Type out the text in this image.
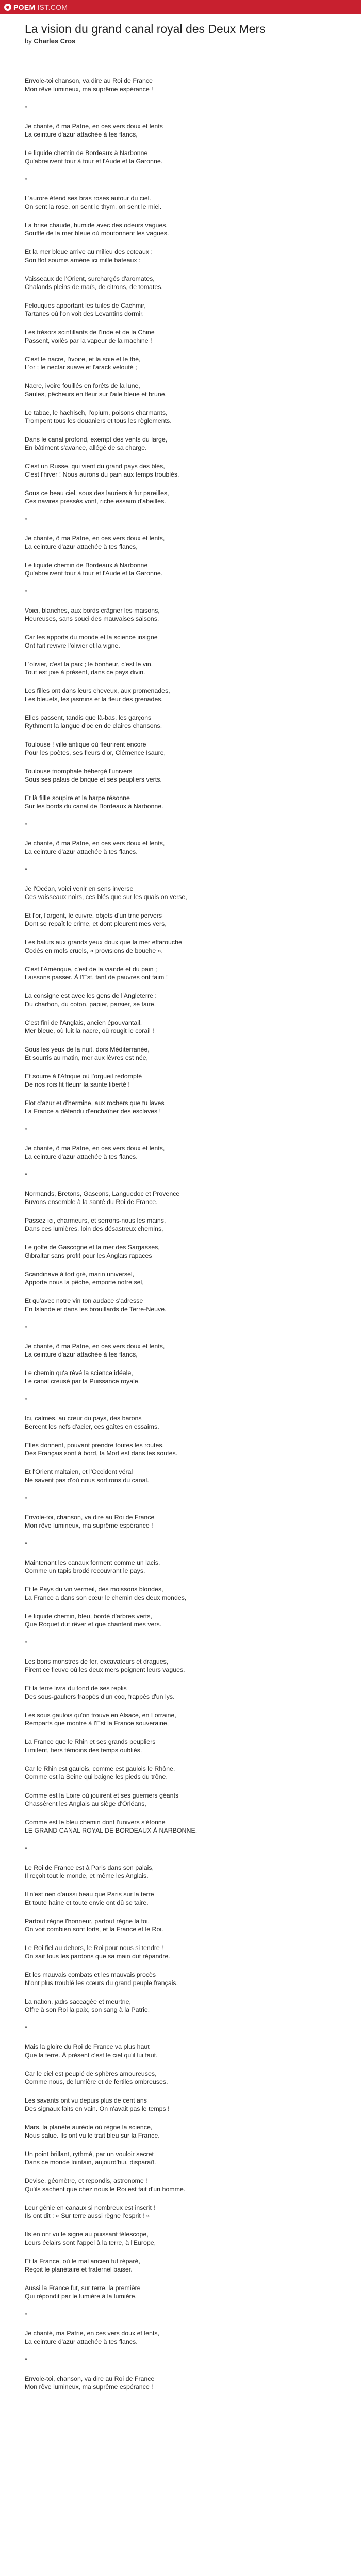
POEM IST.COM
La vision du grand canal royal des Deux Mers
by Charles Cros
Envole-toi chanson, va dire au Roi de France
Mon rêve lumineux, ma suprême espérance !
*
Je chante, ô ma Patrie, en ces vers doux et lents
La ceinture d'azur attachée à tes flancs,
Le liquide chemin de Bordeaux à Narbonne
Qu'abreuvent tour à tour et l'Aude et la Garonne.
*
L'aurore étend ses bras roses autour du ciel.
On sent la rose, on sent le thym, on sent le miel.
La brise chaude, humide avec des odeurs vagues,
Souffle de la mer bleue où moutonnent les vagues.
Et la mer bleue arrive au milieu des coteaux ;
Son flot soumis amène ici mille bateaux :
Vaisseaux de l'Orient, surchargés d'aromates,
Chalands pleins de maïs, de citrons, de tomates,
Felouques apportant les tuiles de Cachmir,
Tartanes où l'on voit des Levantins dormir.
Les trésors scintillants de l'Inde et de la Chine
Passent, voilés par la vapeur de la machine !
C'est le nacre, l'ivoire, et la soie et le thé,
L'or ; le nectar suave et l'arack velouté ;
Nacre, ivoire fouillés en forêts de la lune,
Saules, pêcheurs en fleur sur l'aile bleue et brune.
Le tabac, le hachisch, l'opium, poisons charmants,
Trompent tous les douaniers et tous les règlements.
Dans le canal profond, exempt des vents du large,
En bâtiment s'avance, allégé de sa charge.
C'est un Russe, qui vient du grand pays des blés,
C'est l'hiver ! Nous aurons du pain aux temps troublés.
Sous ce beau ciel, sous des lauriers à fur pareilles,
Ces navires pressés vont, riche essaim d'abeilles.
*
Je chante, ô ma Patrie, en ces vers doux et lents,
La ceinture d'azur attachée à tes flancs,
Le liquide chemin de Bordeaux à Narbonne
Qu'abreuvent tour à tour et l'Aude et la Garonne.
*
Voici, blanches, aux bords crâgner les maisons,
Heureuses, sans souci des mauvaises saisons.
Car les apports du monde et la science insigne
Ont fait revivre l'olivier et la vigne.
L'olivier, c'est la paix ; le bonheur, c'est le vin.
Tout est joie à présent, dans ce pays divin.
Les filles ont dans leurs cheveux, aux promenades,
Les bleuets, les jasmins et la fleur des grenades.
Elles passent, tandis que là-bas, les garçons
Rythment la langue d'oc en de claires chansons.
Toulouse ! ville antique où fleurirent encore
Pour les poètes, ses fleurs d'or, Clémence Isaure,
Toulouse triomphale hébergé l'univers
Sous ses palais de brique et ses peupliers verts.
Et là fillle soupire et la harpe résonne
Sur les bords du canal de Bordeaux à Narbonne.
*
Je chante, ô ma Patrie, en ces vers doux et lents,
La ceinture d'azur attachée à tes flancs.
*
Je l'Océan, voici venir en sens inverse
Ces vaisseaux noirs, ces blés que sur les quais on verse,
Et l'or, l'argent, le cuivre, objets d'un trnc pervers
Dont se repaît le crime, et dont pleurent mes vers,
Les baluts aux grands yeux doux que la mer effarouche
Codés en mots cruels, « provisions de bouche ».
C'est l'Amérique, c'est de la viande et du pain ;
Laissons passer. À l'Est, tant de pauvres ont faim !
La consigne est avec les gens de l'Angleterre :
Du charbon, du coton, papier, parsier, se taire.
C'est fini de l'Anglais, ancien épouvantail.
Mer bleue, où luit la nacre, où rougit le corail !
Sous les yeux de la nuit, dors Méditerranée,
Et sourris au matin, mer aux lèvres est née,
Et sourre à l'Afrique où l'orgueil redompté
De nos rois fit fleurir la sainte liberté !
Flot d'azur et d'hermine, aux rochers que tu laves
La France a défendu d'enchaîner des esclaves !
*
Je chante, ô ma Patrie, en ces vers doux et lents,
La ceinture d'azur attachée à tes flancs.
*
Normands, Bretons, Gascons, Languedoc et Provence
Buvons ensemble à la santé du Roi de France.
Passez ici, charmeurs, et serrons-nous les mains,
Dans ces lumières, loin des désastreux chemins,
Le golfe de Gascogne et la mer des Sargasses,
Gibraltar sans profit pour les Anglais rapaces
Scandinave à tort gré, marin universel,
Apporte nous la pêche, emporte notre sel,
Et qu'avec notre vin ton audace s'adresse
En Islande et dans les brouillards de Terre-Neuve.
*
Je chante, ô ma Patrie, en ces vers doux et lents,
La ceinture d'azur attachée à tes flancs,
Le chemin qu'a rêvé la science idéale,
Le canal creusé par la Puissance royale.
*
Ici, calmes, au cœur du pays, des barons
Bercent les nefs d'acier, ces gaîtes en essaims.
Elles donnent, pouvant prendre toutes les routes,
Des Français sont à bord, la Mort est dans les soutes.
Et l'Orient maltaien, et l'Occident véral
Ne savent pas d'où nous sortirons du canal.
*
Envole-toi, chanson, va dire au Roi de France
Mon rêve lumineux, ma suprême espérance !
*
Maintenant les canaux forment comme un lacis,
Comme un tapis brodé recouvrant le pays.
Et le Pays du vin vermeil, des moissons blondes,
La France a dans son cœur le chemin des deux mondes,
Le liquide chemin, bleu, bordé d'arbres verts,
Que Roquet dut rêver et que chantent mes vers.
*
Les bons monstres de fer, excavateurs et dragues,
Firent ce fleuve où les deux mers poignent leurs vagues.
Et la terre livra du fond de ses replis
Des sous-gauliers frappés d'un coq, frappés d'un lys.
Les sous gaulois qu'on trouve en Alsace, en Lorraine,
Remparts que montre à l'Est la France souveraine,
La France que le Rhin et ses grands peupliers
Limitent, fiers témoins des temps oubliés.
Car le Rhin est gaulois, comme est gaulois le Rhône,
Comme est la Seine qui baigne les pieds du trône,
Comme est la Loire où jouirent et ses guerriers géants
Chassèrent les Anglais au siège d'Orléans,
Comme est le bleu chemin dont l'univers s'étonne
LE GRAND CANAL ROYAL DE BORDEAUX À NARBONNE.
*
Le Roi de France est à Paris dans son palais,
Il reçoit tout le monde, et même les Anglais.
Il n'est rien d'aussi beau que Paris sur la terre
Et toute haine et toute envie ont dû se taire.
Partout règne l'honneur, partout règne la foi,
On voit combien sont forts, et la France et le Roi.
Le Roi fiel au dehors, le Roi pour nous si tendre !
On sait tous les pardons que sa main dut répandre.
Et les mauvais combats et les mauvais procès
N'ont plus troublé les cœurs du grand peuple français.
La nation, jadis saccagée et meurtrie,
Offre à son Roi la paix, son sang à la Patrie.
*
Mais la gloire du Roi de France va plus haut
Que la terre. À présent c'est le ciel qu'il lui faut.
Car le ciel est peuplé de sphères amoureuses,
Comme nous, de lumière et de fertiles ombreuses.
Les savants ont vu depuis plus de cent ans
Des signaux faits en vain. On n'avait pas le temps !
Mars, la planète auréole où règne la science,
Nous salue. Ils ont vu le trait bleu sur la France.
Un point brillant, rythmé, par un vouloir secret
Dans ce monde lointain, aujourd'hui, disparaît.
Devise, géomètre, et repondis, astronome !
Qu'ils sachent que chez nous le Roi est fait d'un homme.
Leur génie en canaux si nombreux est inscrit !
Ils ont dit : « Sur terre aussi règne l'esprit ! »
Ils en ont vu le signe au puissant télescope,
Leurs éclairs sont l'appel à la terre, à l'Europe,
Et la France, où le mal ancien fut réparé,
Reçoit le planétaire et fraternel baiser.
Aussi la France fut, sur terre, la première
Qui répondit par le lumière à la lumière.
*
Je chanté, ma Patrie, en ces vers doux et lents,
La ceinture d'azur attachée à tes flancs.
*
Envole-toi, chanson, va dire au Roi de France
Mon rêve lumineux, ma suprême espérance !
